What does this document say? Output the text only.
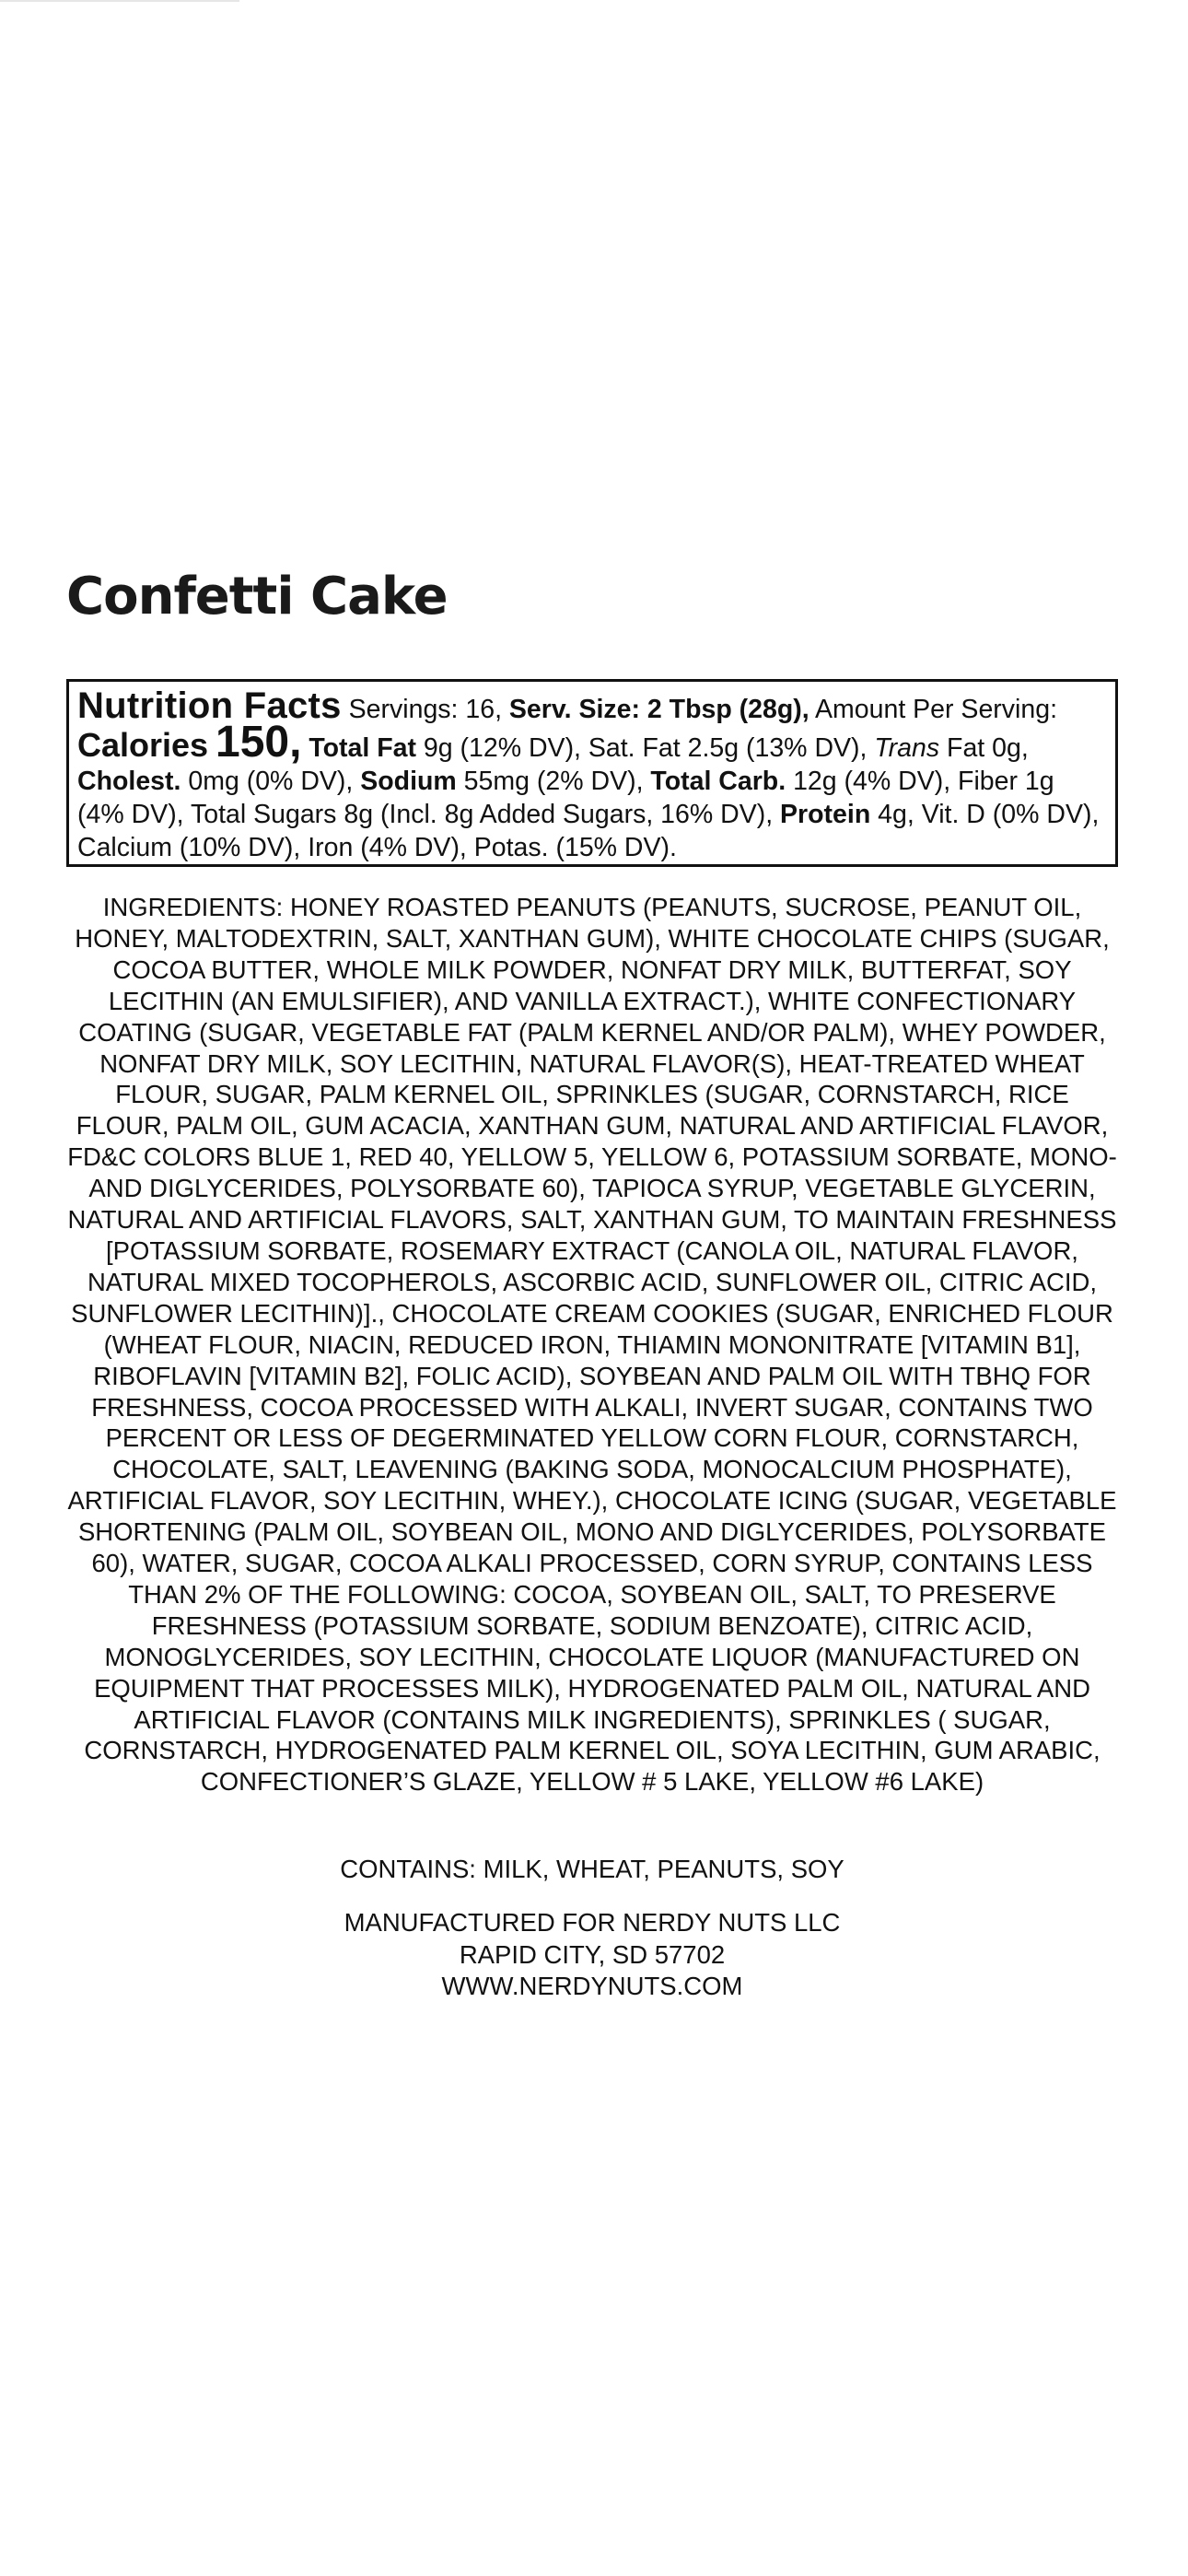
Confetti Cake
Nutrition Facts Servings: 16, Serv. Size: 2 Tbsp (28g), Amount Per Serving: Calories 150, Total Fat 9g (12% DV), Sat. Fat 2.5g (13% DV), Trans Fat 0g, Cholest. 0mg (0% DV), Sodium 55mg (2% DV), Total Carb. 12g (4% DV), Fiber 1g (4% DV), Total Sugars 8g (Incl. 8g Added Sugars, 16% DV), Protein 4g, Vit. D (0% DV), Calcium (10% DV), Iron (4% DV), Potas. (15% DV).

INGREDIENTS: HONEY ROASTED PEANUTS (PEANUTS, SUCROSE, PEANUT OIL, HONEY, MALTODEXTRIN, SALT, XANTHAN GUM), WHITE CHOCOLATE CHIPS (SUGAR, COCOA BUTTER, WHOLE MILK POWDER, NONFAT DRY MILK, BUTTERFAT, SOY LECITHIN (AN EMULSIFIER), AND VANILLA EXTRACT.), WHITE CONFECTIONARY COATING (SUGAR, VEGETABLE FAT (PALM KERNEL AND/OR PALM), WHEY POWDER, NONFAT DRY MILK, SOY LECITHIN, NATURAL FLAVOR(S), HEAT-TREATED WHEAT FLOUR, SUGAR, PALM KERNEL OIL, SPRINKLES (SUGAR, CORNSTARCH, RICE FLOUR, PALM OIL, GUM ACACIA, XANTHAN GUM, NATURAL AND ARTIFICIAL FLAVOR, FD&C COLORS BLUE 1, RED 40, YELLOW 5, YELLOW 6, POTASSIUM SORBATE, MONO-AND DIGLYCERIDES, POLYSORBATE 60), TAPIOCA SYRUP, VEGETABLE GLYCERIN, NATURAL AND ARTIFICIAL FLAVORS, SALT, XANTHAN GUM, TO MAINTAIN FRESHNESS [POTASSIUM SORBATE, ROSEMARY EXTRACT (CANOLA OIL, NATURAL FLAVOR, NATURAL MIXED TOCOPHEROLS, ASCORBIC ACID, SUNFLOWER OIL, CITRIC ACID, SUNFLOWER LECITHIN)]., CHOCOLATE CREAM COOKIES (SUGAR, ENRICHED FLOUR (WHEAT FLOUR, NIACIN, REDUCED IRON, THIAMIN MONONITRATE [VITAMIN B1], RIBOFLAVIN [VITAMIN B2], FOLIC ACID), SOYBEAN AND PALM OIL WITH TBHQ FOR FRESHNESS, COCOA PROCESSED WITH ALKALI, INVERT SUGAR, CONTAINS TWO PERCENT OR LESS OF DEGERMINATED YELLOW CORN FLOUR, CORNSTARCH, CHOCOLATE, SALT, LEAVENING (BAKING SODA, MONOCALCIUM PHOSPHATE), ARTIFICIAL FLAVOR, SOY LECITHIN, WHEY.), CHOCOLATE ICING (SUGAR, VEGETABLE SHORTENING (PALM OIL, SOYBEAN OIL, MONO AND DIGLYCERIDES, POLYSORBATE 60), WATER, SUGAR, COCOA ALKALI PROCESSED, CORN SYRUP, CONTAINS LESS THAN 2% OF THE FOLLOWING: COCOA, SOYBEAN OIL, SALT, TO PRESERVE FRESHNESS (POTASSIUM SORBATE, SODIUM BENZOATE), CITRIC ACID, MONOGLYCERIDES, SOY LECITHIN, CHOCOLATE LIQUOR (MANUFACTURED ON EQUIPMENT THAT PROCESSES MILK), HYDROGENATED PALM OIL, NATURAL AND ARTIFICIAL FLAVOR (CONTAINS MILK INGREDIENTS), SPRINKLES ( SUGAR, CORNSTARCH, HYDROGENATED PALM KERNEL OIL, SOYA LECITHIN, GUM ARABIC, CONFECTIONER’S GLAZE, YELLOW # 5 LAKE, YELLOW #6 LAKE)

CONTAINS: MILK, WHEAT, PEANUTS, SOY

MANUFACTURED FOR NERDY NUTS LLC
RAPID CITY, SD 57702
WWW.NERDYNUTS.COM
